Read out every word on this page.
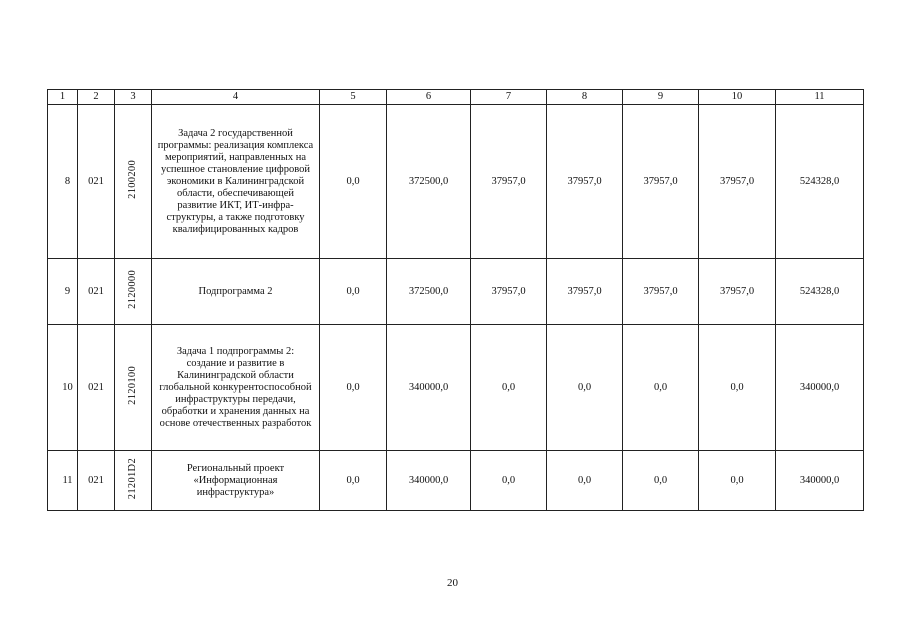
1	2	3	4	5	6	7	8	9	10	11
8	021	2100200	Задача 2 государственной программы: реализация комплекса мероприятий, направленных на успешное становление цифровой экономики в Калининградской области, обеспечивающей развитие ИКТ, ИТ-инфра-структуры, а также подготовку квалифицированных кадров	0,0	372500,0	37957,0	37957,0	37957,0	37957,0	524328,0
9	021	2120000	Подпрограмма 2	0,0	372500,0	37957,0	37957,0	37957,0	37957,0	524328,0
10	021	2120100	Задача 1 подпрограммы 2: создание и развитие в Калининградской области глобальной конкурентоспособной инфраструктуры передачи, обработки и хранения данных на основе отечественных разработок	0,0	340000,0	0,0	0,0	0,0	0,0	340000,0
11	021	21201D2	Региональный проект «Информационная инфраструктура»	0,0	340000,0	0,0	0,0	0,0	0,0	340000,0
20
